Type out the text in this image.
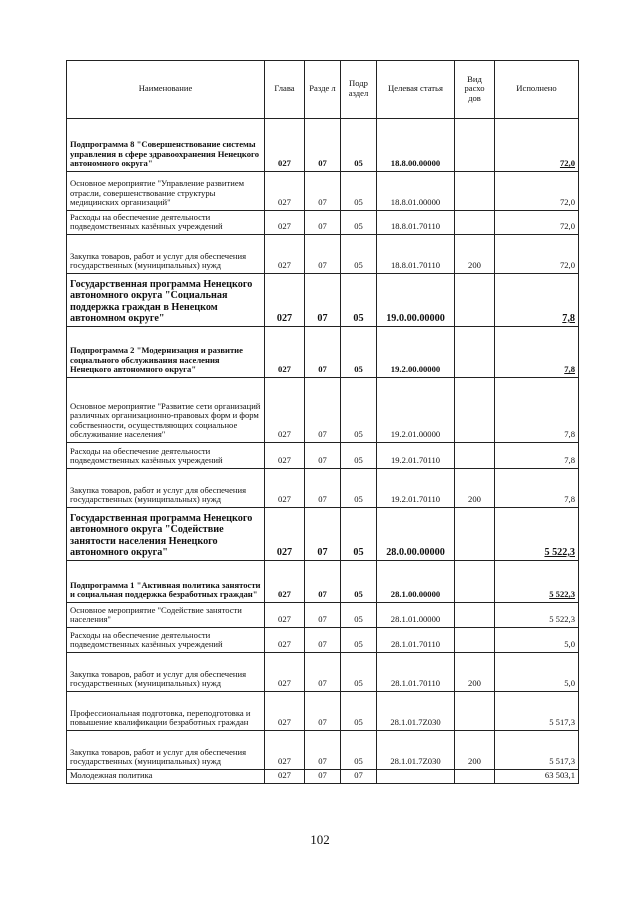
Наименование	Глава	Разде л	Подр аздел	Целевая статья	Вид расхо дов	Исполнено
Подпрограмма 8 "Совершенствование системы управления в сфере здравоохранения Ненецкого автономного округа"	027	07	05	18.8.00.00000		72,0
Основное мероприятие "Управление развитием отрасли, совершенствование структуры медицинских организаций"	027	07	05	18.8.01.00000		72,0
Расходы на обеспечение деятельности подведомственных казённых учреждений	027	07	05	18.8.01.70110		72,0
Закупка товаров, работ и услуг для обеспечения государственных (муниципальных) нужд	027	07	05	18.8.01.70110	200	72,0
Государственная программа Ненецкого автономного округа "Социальная поддержка граждан в Ненецком автономном округе"	027	07	05	19.0.00.00000		7,8
Подпрограмма 2 "Модернизация и развитие социального обслуживания населения Ненецкого автономного округа"	027	07	05	19.2.00.00000		7,8
Основное мероприятие "Развитие сети организаций различных организационно-правовых форм и форм собственности, осуществляющих социальное обслуживание населения"	027	07	05	19.2.01.00000		7,8
Расходы на обеспечение деятельности подведомственных казённых учреждений	027	07	05	19.2.01.70110		7,8
Закупка товаров, работ и услуг для обеспечения государственных (муниципальных) нужд	027	07	05	19.2.01.70110	200	7,8
Государственная программа Ненецкого автономного округа "Содействие занятости населения Ненецкого автономного округа"	027	07	05	28.0.00.00000		5 522,3
Подпрограмма 1 "Активная политика занятости и социальная поддержка безработных граждан"	027	07	05	28.1.00.00000		5 522,3
Основное мероприятие "Содействие занятости населения"	027	07	05	28.1.01.00000		5 522,3
Расходы на обеспечение деятельности подведомственных казённых учреждений	027	07	05	28.1.01.70110		5,0
Закупка товаров, работ и услуг для обеспечения государственных (муниципальных) нужд	027	07	05	28.1.01.70110	200	5,0
Профессиональная подготовка, переподготовка и повышение квалификации безработных граждан	027	07	05	28.1.01.7Z030		5 517,3
Закупка товаров, работ и услуг для обеспечения государственных (муниципальных) нужд	027	07	05	28.1.01.7Z030	200	5 517,3
Молодежная политика	027	07	07			63 503,1
102
